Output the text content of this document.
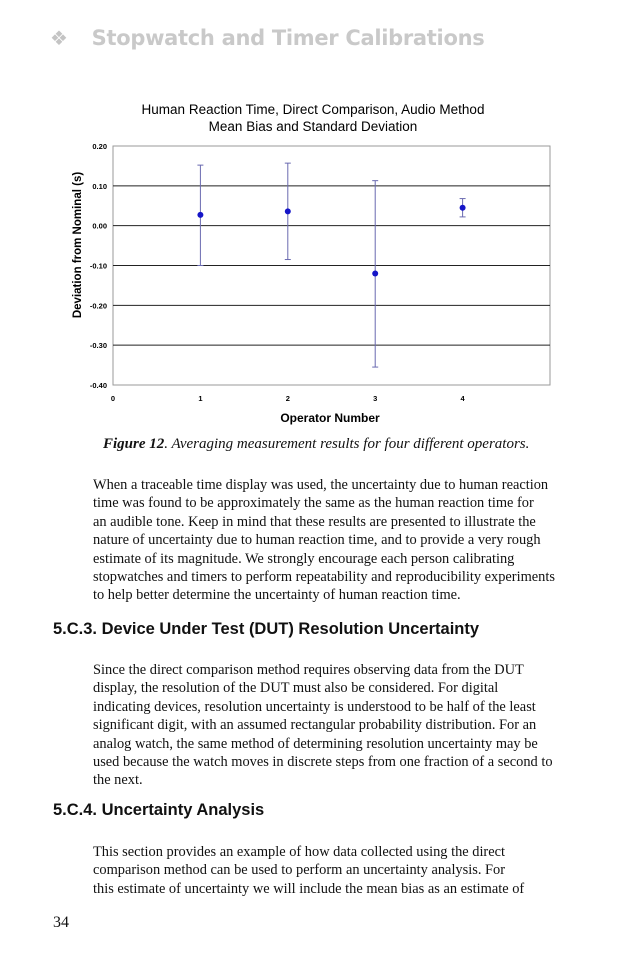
❖ Stopwatch and Timer Calibrations
Human Reaction Time, Direct Comparison, Audio Method
Mean Bias and Standard Deviation
0.20
0.10
0.00
-0.10
-0.20
-0.30
-0.40
0	1	2	3	4
Deviation from Nominal (s)
Operator Number
Figure 12. Averaging measurement results for four different operators.

When a traceable time display was used, the uncertainty due to human reaction
time was found to be approximately the same as the human reaction time for
an audible tone. Keep in mind that these results are presented to illustrate the
nature of uncertainty due to human reaction time, and to provide a very rough
estimate of its magnitude. We strongly encourage each person calibrating
stopwatches and timers to perform repeatability and reproducibility experiments
to help better determine the uncertainty of human reaction time.

5.C.3. Device Under Test (DUT) Resolution Uncertainty

Since the direct comparison method requires observing data from the DUT
display, the resolution of the DUT must also be considered. For digital
indicating devices, resolution uncertainty is understood to be half of the least
significant digit, with an assumed rectangular probability distribution. For an
analog watch, the same method of determining resolution uncertainty may be
used because the watch moves in discrete steps from one fraction of a second to
the next.

5.C.4. Uncertainty Analysis

This section provides an example of how data collected using the direct
comparison method can be used to perform an uncertainty analysis. For
this estimate of uncertainty we will include the mean bias as an estimate of

34
